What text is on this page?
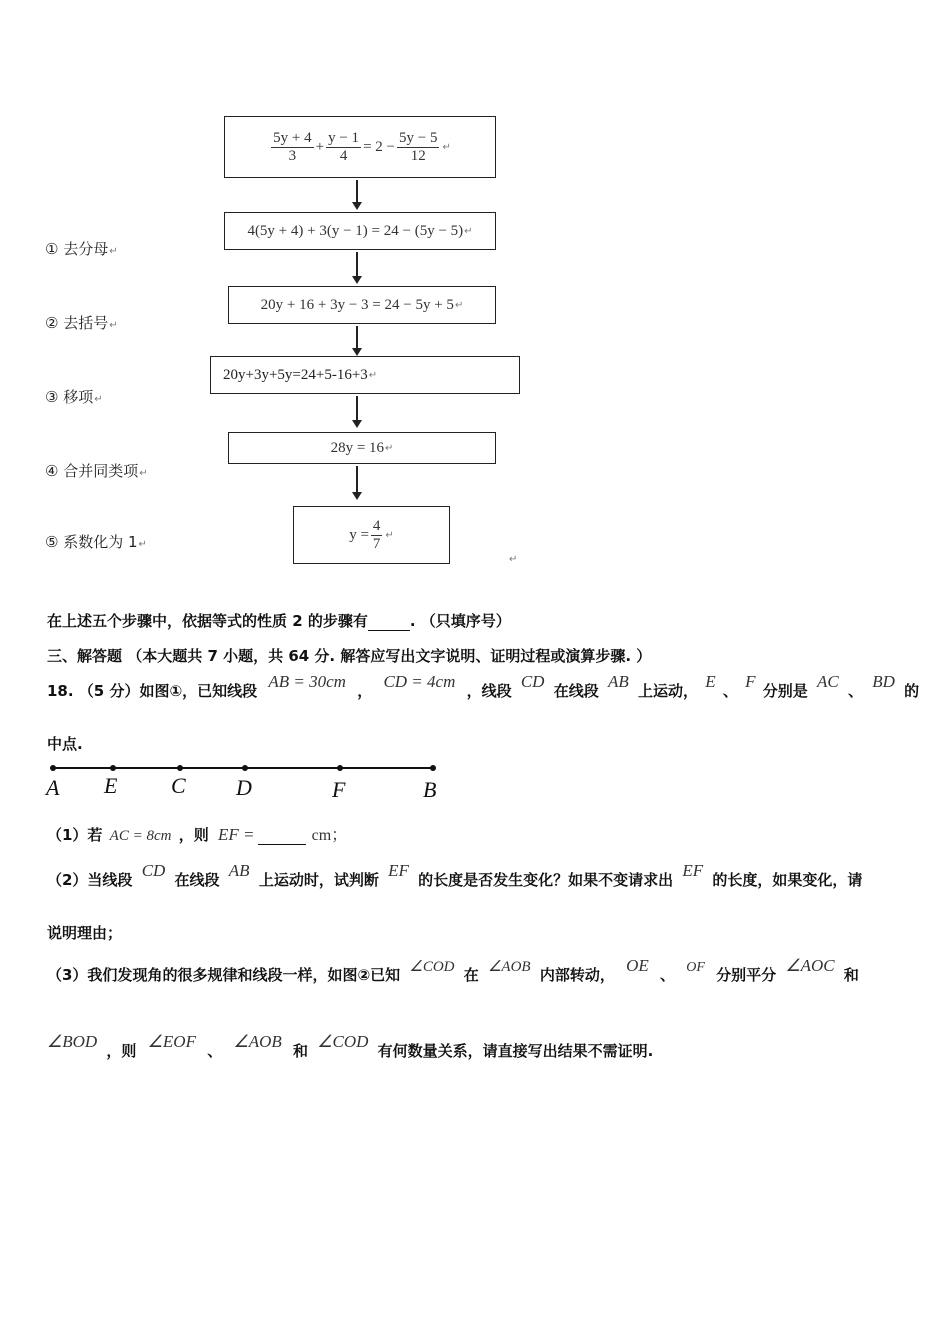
$\frac{5y + 4}{3} + \frac{y - 1}{4} = 2 - \frac{5y - 5}{12}$ ↵
4(5y + 4) + 3(y − 1) = 24 − (5y − 5) ↵
20y + 16 + 3y − 3 = 24 − 5y + 5 ↵
20y+3y+5y=24+5-16+3 ↵
28y = 16 ↵
$y = \frac{4}{7}$ ↵
↵
① 去分母↵
② 去括号↵
③ 移项↵
④ 合并同类项↵
⑤ 系数化为 1↵
在上述五个步骤中，依据等式的性质 2 的步骤有	. （只填序号）
三、解答题 （本大题共 7 小题，共 64 分. 解答应写出文字说明、证明过程或演算步骤. ）
18. （5 分）如图①，已知线段 AB = 30cm ， CD = 4cm ，线段 CD 在线段 AB 上运动， E 、 F 分别是 AC 、 BD 的
中点.
A E C D	F	B
（1）若 AC = 8cm ，则 EF =	cm；
（2）当线段 CD 在线段 AB 上运动时，试判断 EF 的长度是否发生变化？如果不变请求出 EF 的长度，如果变化，请
说明理由；
（3）我们发现角的很多规律和线段一样，如图②已知 ∠COD 在 ∠AOB 内部转动， OE 、 OF 分别平分 ∠AOC 和
∠BOD ，则 ∠EOF 、 ∠AOB 和 ∠COD 有何数量关系，请直接写出结果不需证明.
